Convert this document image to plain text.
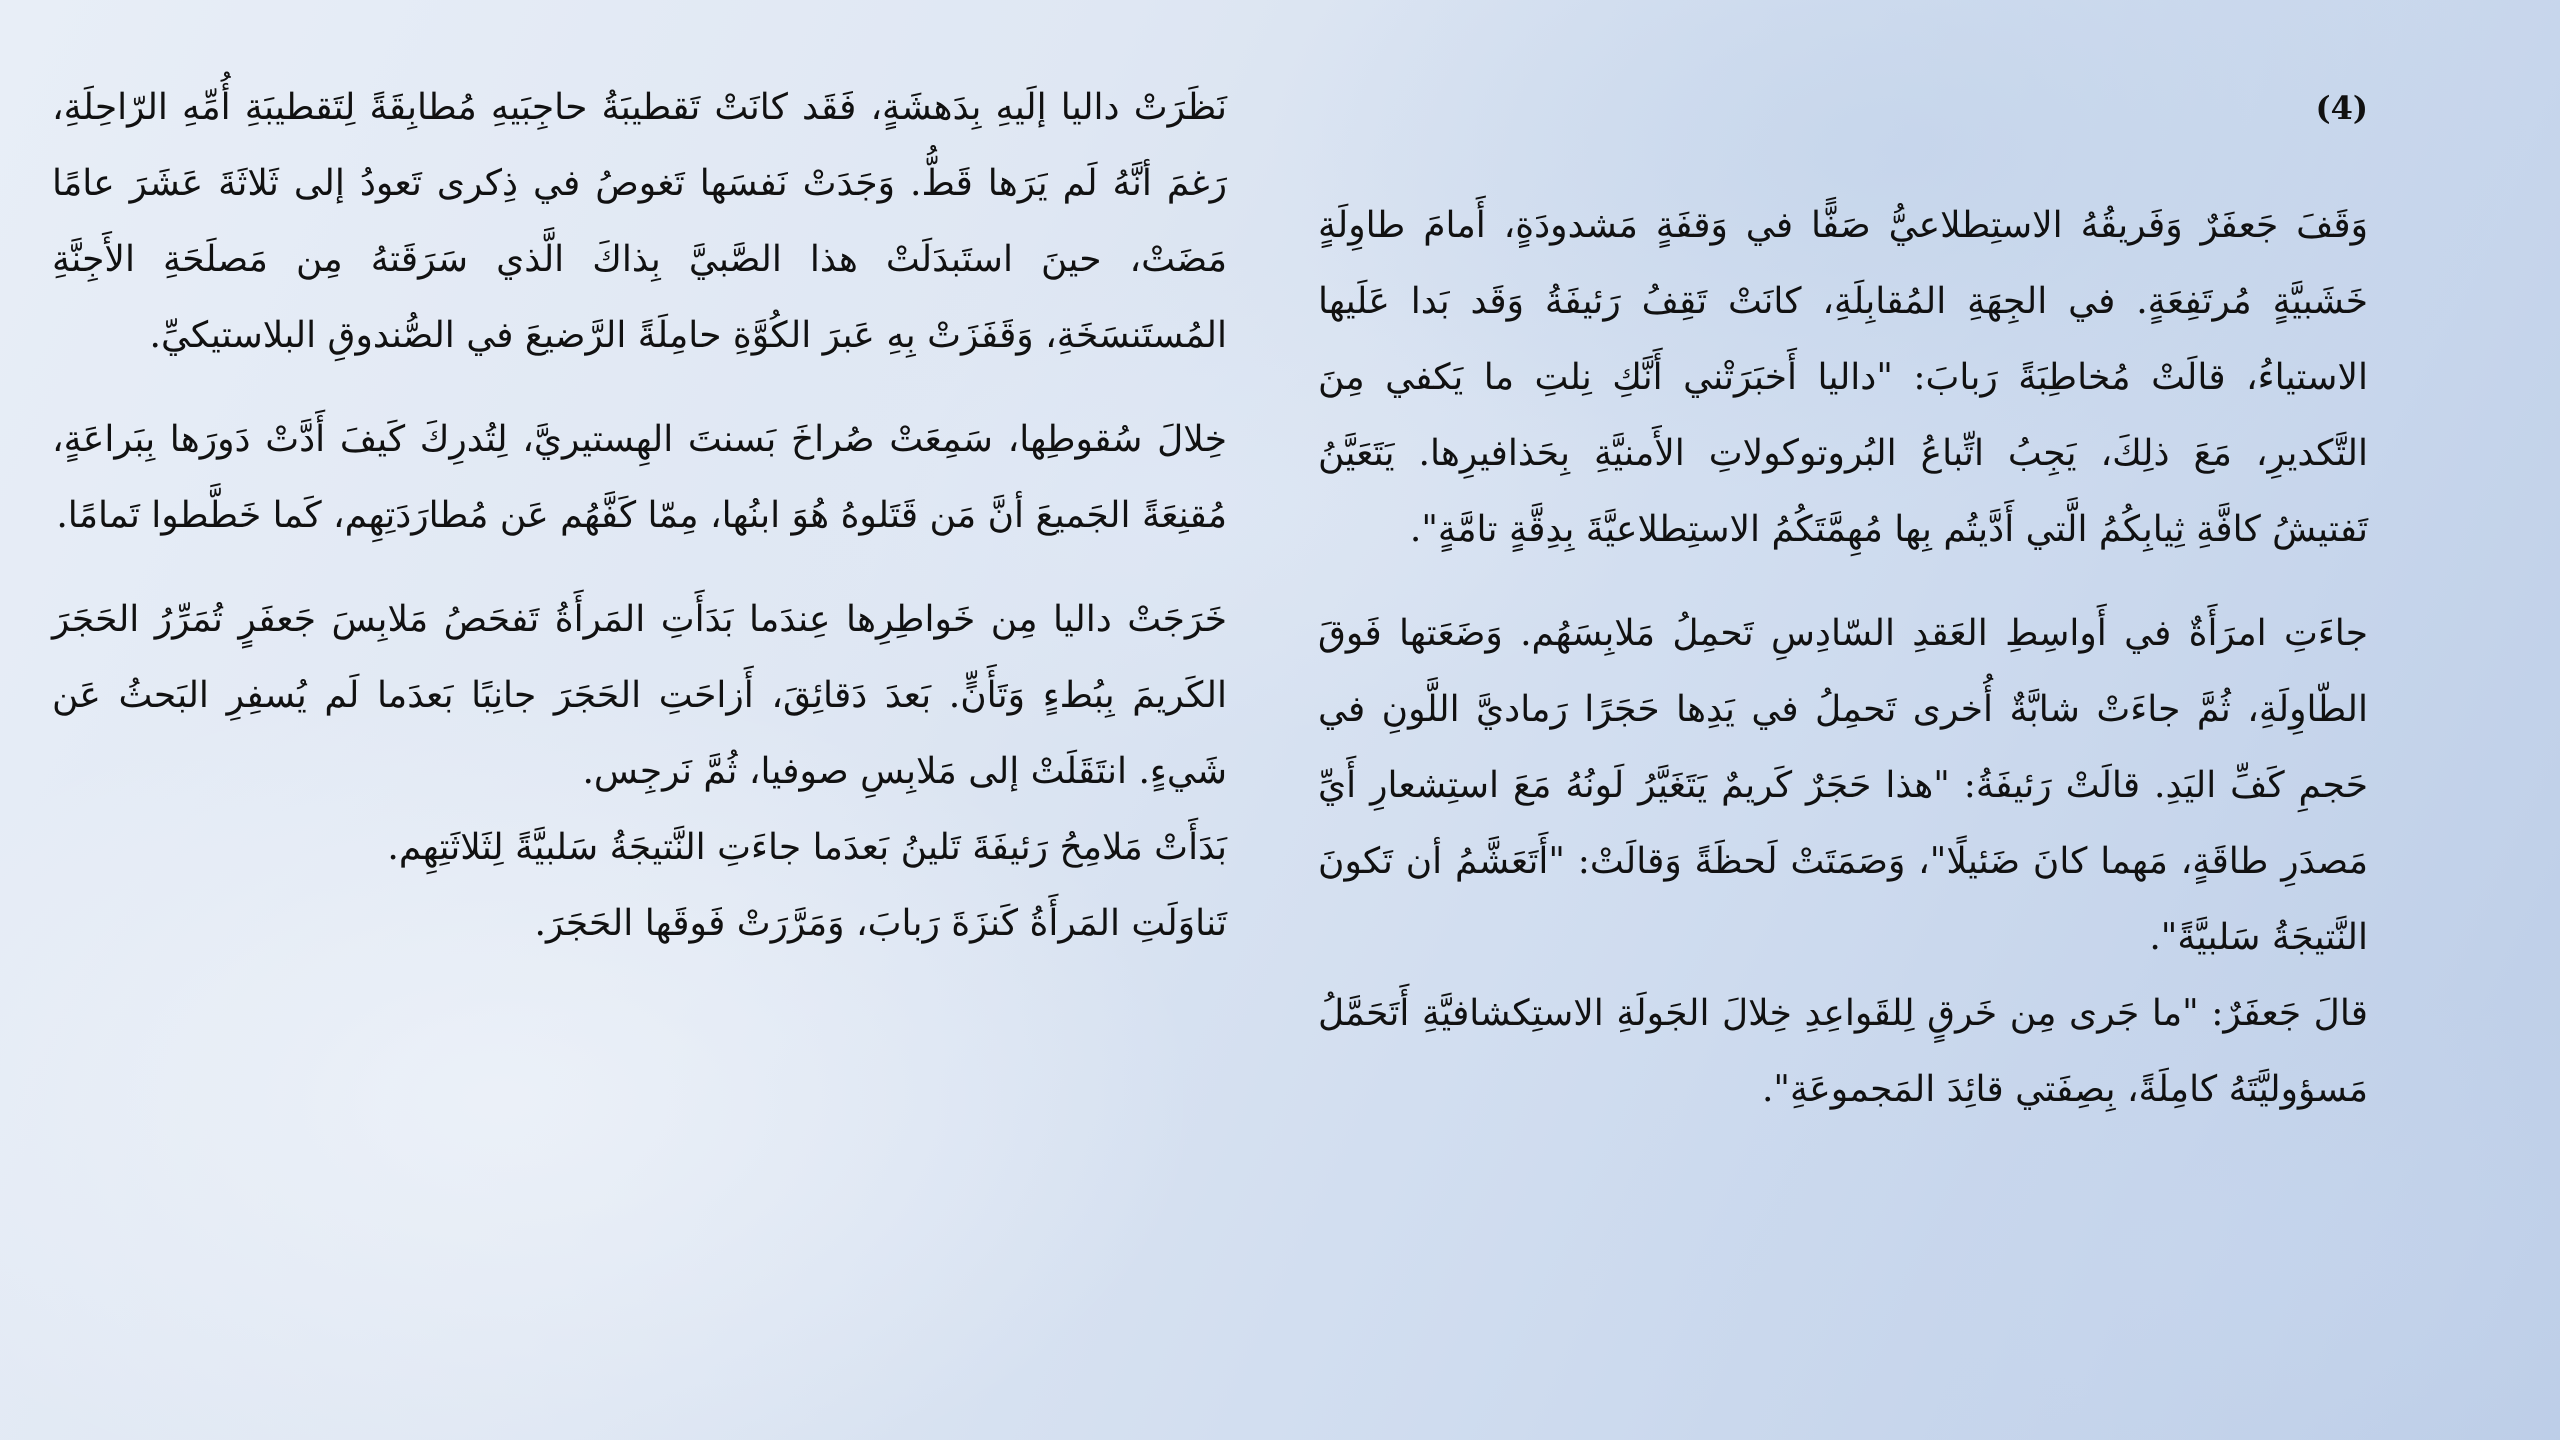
نَظَرَتْ داليا إلَيهِ بِدَهشَةٍ، فَقَد كانَتْ تَقطيبَةُ حاجِبَيهِ مُطابِقَةً لِتَقطيبَةِ أُمِّهِ الرّاحِلَةِ، رَغمَ أنَّهُ لَم يَرَها قَطُّ. وَجَدَتْ نَفسَها تَغوصُ في ذِكرى تَعودُ إلى ثَلاثَةَ عَشَرَ عامًا مَضَتْ، حينَ استَبدَلَتْ هذا الصَّبيَّ بِذاكَ الَّذي سَرَقَتهُ مِن مَصلَحَةِ الأَجِنَّةِ المُستَنسَخَةِ، وَقَفَزَتْ بِهِ عَبرَ الكُوَّةِ حامِلَةً الرَّضيعَ في الصُّندوقِ البلاستيكيِّ.

خِلالَ سُقوطِها، سَمِعَتْ صُراخَ بَسنتَ الهِستيريَّ، لِتُدرِكَ كَيفَ أَدَّتْ دَورَها بِبَراعَةٍ، مُقنِعَةً الجَميعَ أنَّ مَن قَتَلوهُ هُوَ ابنُها، مِمّا كَفَّهُم عَن مُطارَدَتِهِم، كَما خَطَّطوا تَمامًا.

خَرَجَتْ داليا مِن خَواطِرِها عِندَما بَدَأَتِ المَرأَةُ تَفحَصُ مَلابِسَ جَعفَرٍ تُمَرِّرُ الحَجَرَ الكَريمَ بِبُطءٍ وَتَأَنٍّ. بَعدَ دَقائِقَ، أَزاحَتِ الحَجَرَ جانِبًا بَعدَما لَم يُسفِرِ البَحثُ عَن شَيءٍ. انتَقَلَتْ إلى مَلابِسِ صوفيا، ثُمَّ نَرجِس.

بَدَأَتْ مَلامِحُ رَئيفَةَ تَلينُ بَعدَما جاءَتِ النَّتيجَةُ سَلبيَّةً لِثَلاثَتِهِم.

تَناوَلَتِ المَرأَةُ كَنزَةَ رَبابَ، وَمَرَّرَتْ فَوقَها الحَجَرَ.

(4)

وَقَفَ جَعفَرٌ وَفَريقُهُ الاستِطلاعيُّ صَفًّا في وَقفَةٍ مَشدودَةٍ، أَمامَ طاوِلَةٍ خَشَبيَّةٍ مُرتَفِعَةٍ. في الجِهَةِ المُقابِلَةِ، كانَتْ تَقِفُ رَئيفَةُ وَقَد بَدا عَلَيها الاستياءُ، قالَتْ مُخاطِبَةً رَبابَ: "داليا أَخبَرَتْني أَنَّكِ نِلتِ ما يَكفي مِنَ التَّكديرِ، مَعَ ذلِكَ، يَجِبُ اتِّباعُ البُروتوكولاتِ الأَمنيَّةِ بِحَذافيرِها. يَتَعَيَّنُ تَفتيشُ كافَّةِ ثِيابِكُمُ الَّتي أَدَّيتُم بِها مُهِمَّتَكُمُ الاستِطلاعيَّةَ بِدِقَّةٍ تامَّةٍ".

جاءَتِ امرَأَةٌ في أَواسِطِ العَقدِ السّادِسِ تَحمِلُ مَلابِسَهُم. وَضَعَتها فَوقَ الطّاوِلَةِ، ثُمَّ جاءَتْ شابَّةٌ أُخرى تَحمِلُ في يَدِها حَجَرًا رَماديَّ اللَّونِ في حَجمِ كَفِّ اليَدِ. قالَتْ رَئيفَةُ: "هذا حَجَرٌ كَريمٌ يَتَغَيَّرُ لَونُهُ مَعَ استِشعارِ أَيِّ مَصدَرِ طاقَةٍ، مَهما كانَ ضَئيلًا"، وَصَمَتَتْ لَحظَةً وَقالَتْ: "أَتَعَشَّمُ أن تَكونَ النَّتيجَةُ سَلبيَّةً".

قالَ جَعفَرٌ: "ما جَرى مِن خَرقٍ لِلقَواعِدِ خِلالَ الجَولَةِ الاستِكشافيَّةِ أَتَحَمَّلُ مَسؤوليَّتَهُ كامِلَةً، بِصِفَتي قائِدَ المَجموعَةِ".
